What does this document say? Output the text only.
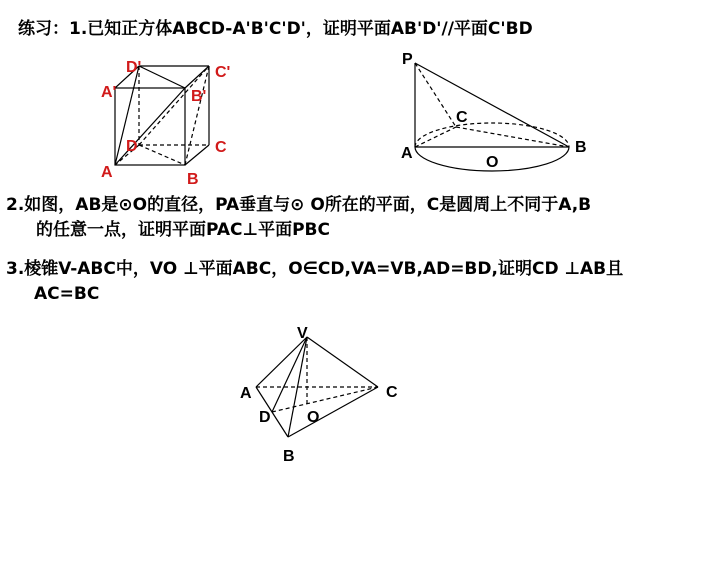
练习：1.已知正方体ABCD-A'B'C'D'，证明平面AB'D'//平面C'BD
D'	C'
A'	B'
D	C
A	B
P
C
A
O
B
2.如图，AB是⊙O的直径，PA垂直与⊙ O所在的平面，C是圆周上不同于A,B
的任意一点，证明平面PAC⊥平面PBC
3.棱锥V-ABC中，VO ⊥平面ABC，O∈CD,VA=VB,AD=BD,证明CD ⊥AB且
AC=BC
V
A	C
D O
B
